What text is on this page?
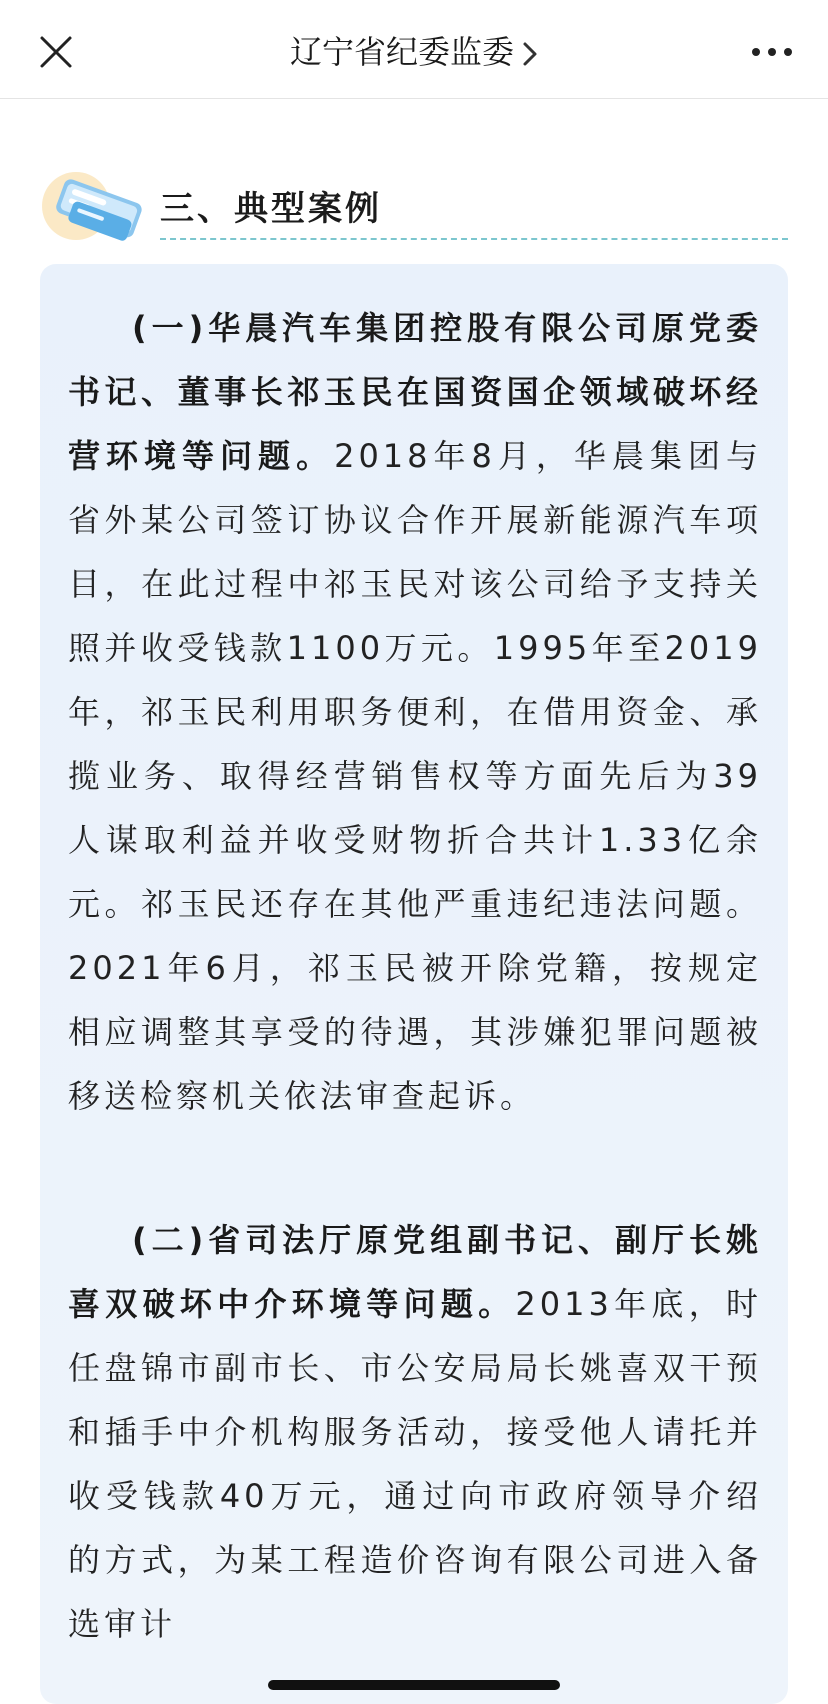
辽宁省纪委监委
三、典型案例

(一)华晨汽车集团控股有限公司原党委书记、董事长祁玉民在国资国企领域破坏经营环境等问题。2018年8月，华晨集团与省外某公司签订协议合作开展新能源汽车项目，在此过程中祁玉民对该公司给予支持关照并收受钱款1100万元。1995年至2019年，祁玉民利用职务便利，在借用资金、承揽业务、取得经营销售权等方面先后为39人谋取利益并收受财物折合共计1.33亿余元。祁玉民还存在其他严重违纪违法问题。2021年6月，祁玉民被开除党籍，按规定相应调整其享受的待遇，其涉嫌犯罪问题被移送检察机关依法审查起诉。

(二)省司法厅原党组副书记、副厅长姚喜双破坏中介环境等问题。2013年底，时任盘锦市副市长、市公安局局长姚喜双干预和插手中介机构服务活动，接受他人请托并收受钱款40万元，通过向市政府领导介绍的方式，为某工程造价咨询有限公司进入备选审计
